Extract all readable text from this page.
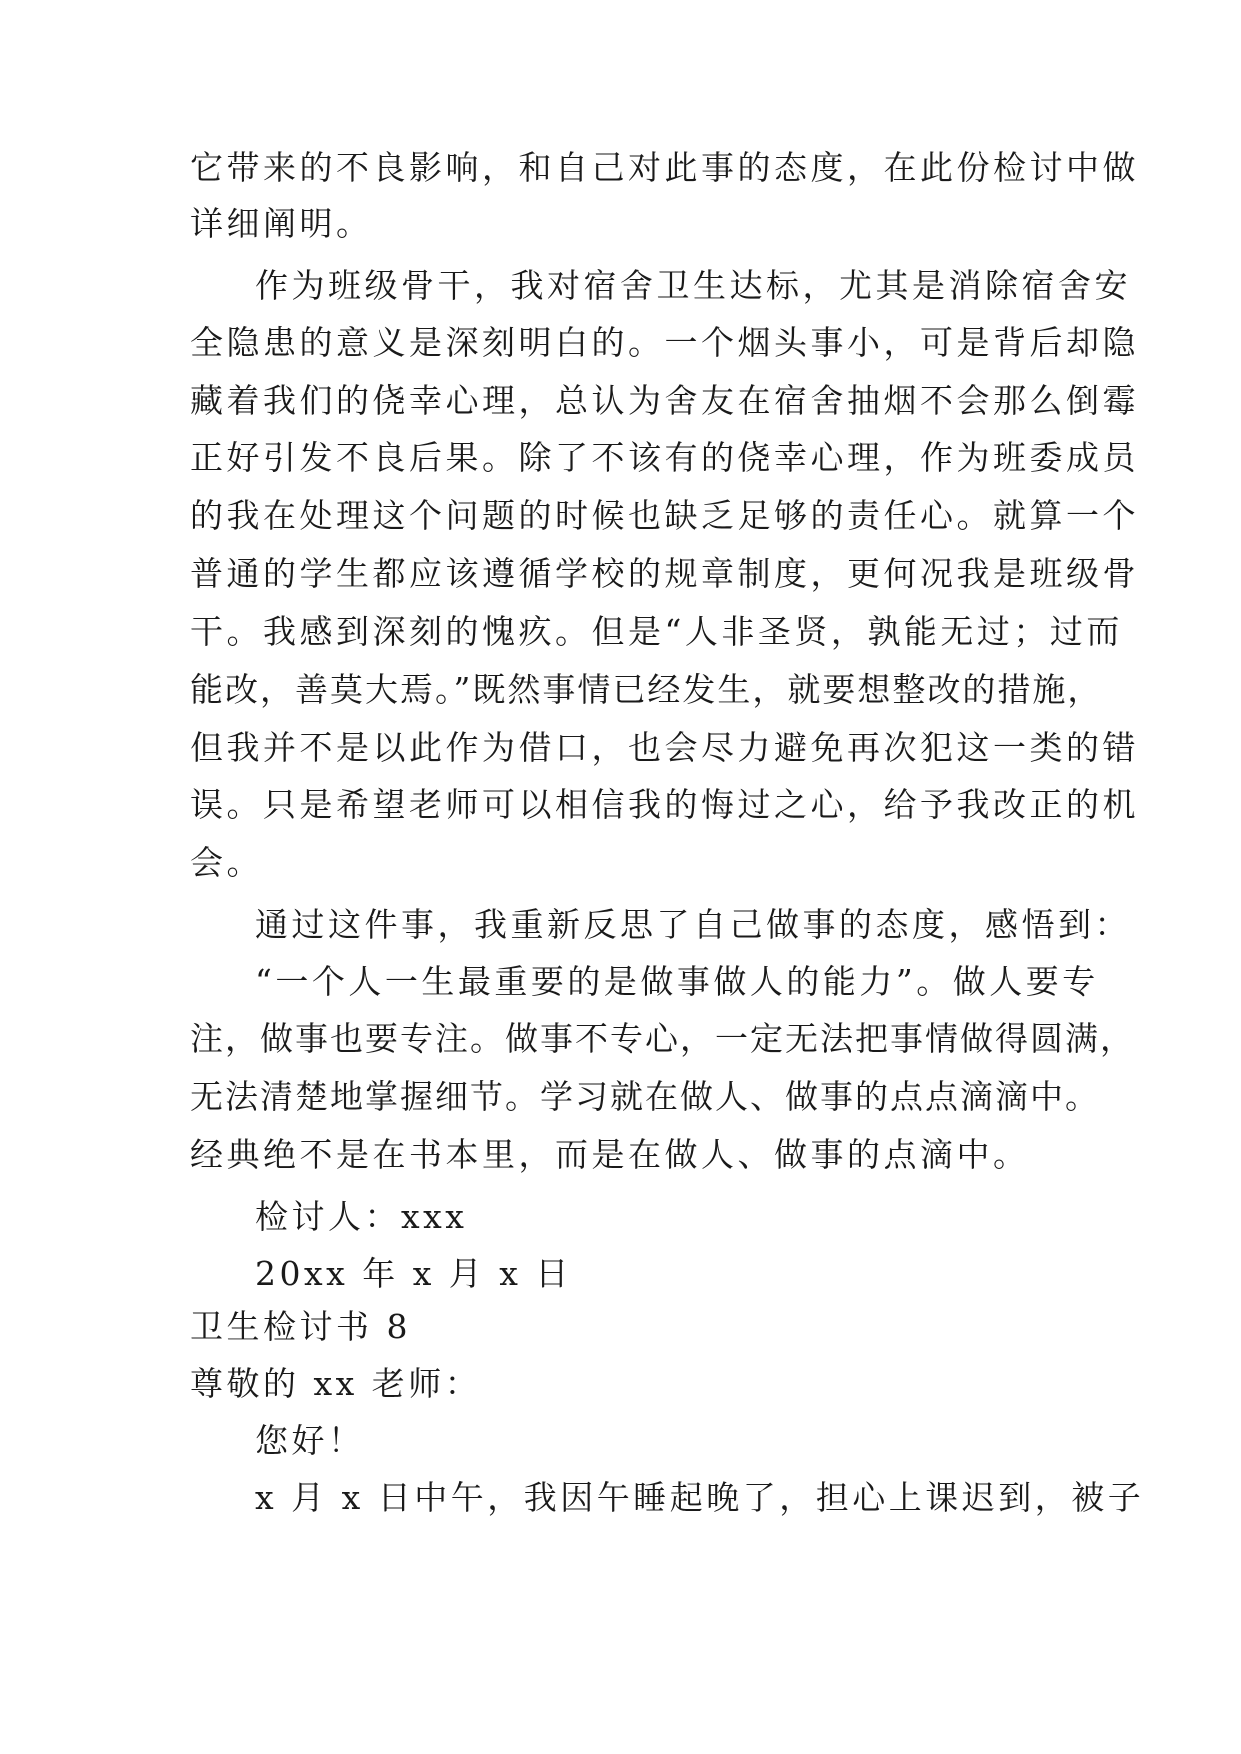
它带来的不良影响，和自己对此事的态度，在此份检讨中做
详细阐明。
作为班级骨干，我对宿舍卫生达标，尤其是消除宿舍安
全隐患的意义是深刻明白的。一个烟头事小，可是背后却隐
藏着我们的侥幸心理，总认为舍友在宿舍抽烟不会那么倒霉
正好引发不良后果。除了不该有的侥幸心理，作为班委成员
的我在处理这个问题的时候也缺乏足够的责任心。就算一个
普通的学生都应该遵循学校的规章制度，更何况我是班级骨
干。我感到深刻的愧疚。但是“人非圣贤，孰能无过；过而
能改，善莫大焉。”既然事情已经发生，就要想整改的措施，
但我并不是以此作为借口，也会尽力避免再次犯这一类的错
误。只是希望老师可以相信我的悔过之心，给予我改正的机
会。
通过这件事，我重新反思了自己做事的态度，感悟到：
“一个人一生最重要的是做事做人的能力”。做人要专
注，做事也要专注。做事不专心，一定无法把事情做得圆满，
无法清楚地掌握细节。学习就在做人、做事的点点滴滴中。
经典绝不是在书本里，而是在做人、做事的点滴中。
检讨人：xxx
20xx 年 x 月 x 日
卫生检讨书 8
尊敬的 xx 老师：
您好！
x 月 x 日中午，我因午睡起晚了，担心上课迟到，被子
